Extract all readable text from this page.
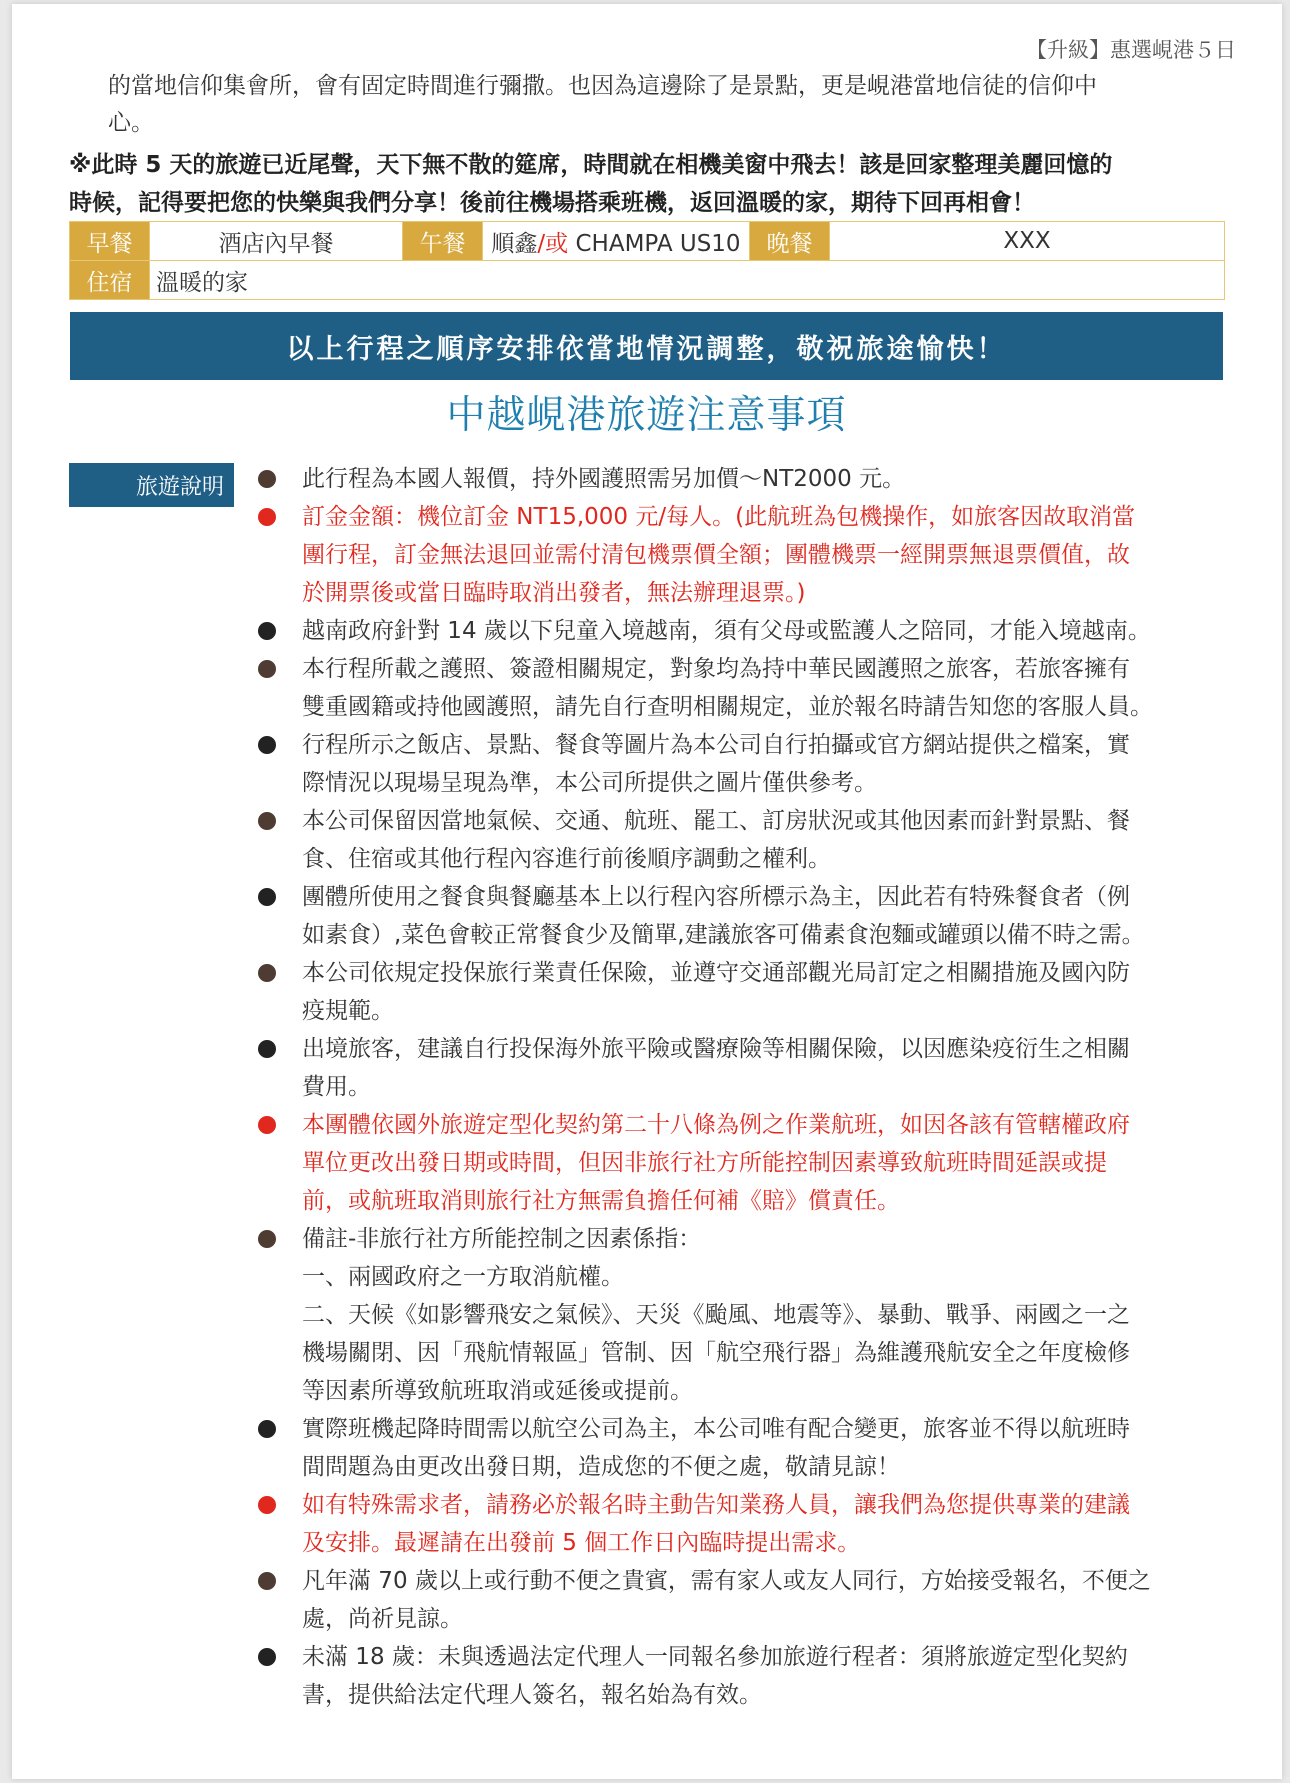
【升級】惠選峴港５日
的當地信仰集會所，會有固定時間進行彌撒。也因為這邊除了是景點，更是峴港當地信徒的信仰中
心。
※此時 5 天的旅遊已近尾聲，天下無不散的筵席，時間就在相機美窗中飛去！該是回家整理美麗回憶的
時候，記得要把您的快樂與我們分享！後前往機場搭乘班機，返回溫暖的家，期待下回再相會！
早餐	酒店內早餐	午餐	順鑫/或 CHAMPA US10	晚餐	XXX
住宿	溫暖的家				
以上行程之順序安排依當地情況調整，敬祝旅途愉快！
中越峴港旅遊注意事項
旅遊說明	此行程為本國人報價，持外國護照需另加價～NT2000 元。
訂金金額：機位訂金 NT15,000 元/每人。(此航班為包機操作，如旅客因故取消當
團行程，訂金無法退回並需付清包機票價全額；團體機票一經開票無退票價值，故
於開票後或當日臨時取消出發者，無法辦理退票。)
越南政府針對 14 歲以下兒童入境越南，須有父母或監護人之陪同，才能入境越南。
本行程所載之護照、簽證相關規定，對象均為持中華民國護照之旅客，若旅客擁有
雙重國籍或持他國護照，請先自行查明相關規定，並於報名時請告知您的客服人員。
行程所示之飯店、景點、餐食等圖片為本公司自行拍攝或官方網站提供之檔案，實
際情況以現場呈現為準，本公司所提供之圖片僅供參考。
本公司保留因當地氣候、交通、航班、罷工、訂房狀況或其他因素而針對景點、餐
食、住宿或其他行程內容進行前後順序調動之權利。
團體所使用之餐食與餐廳基本上以行程內容所標示為主，因此若有特殊餐食者（例
如素食）,菜色會較正常餐食少及簡單,建議旅客可備素食泡麵或罐頭以備不時之需。
本公司依規定投保旅行業責任保險，並遵守交通部觀光局訂定之相關措施及國內防
疫規範。
出境旅客，建議自行投保海外旅平險或醫療險等相關保險，以因應染疫衍生之相關
費用。
本團體依國外旅遊定型化契約第二十八條為例之作業航班，如因各該有管轄權政府
單位更改出發日期或時間，但因非旅行社方所能控制因素導致航班時間延誤或提
前，或航班取消則旅行社方無需負擔任何補《賠》償責任。
備註-非旅行社方所能控制之因素係指：
一、兩國政府之一方取消航權。
二、天候《如影響飛安之氣候》、天災《颱風、地震等》、暴動、戰爭、兩國之一之
機場關閉、因「飛航情報區」管制、因「航空飛行器」為維護飛航安全之年度檢修
等因素所導致航班取消或延後或提前。
實際班機起降時間需以航空公司為主，本公司唯有配合變更，旅客並不得以航班時
間問題為由更改出發日期，造成您的不便之處，敬請見諒！
如有特殊需求者，請務必於報名時主動告知業務人員，讓我們為您提供專業的建議
及安排。最遲請在出發前 5 個工作日內臨時提出需求。
凡年滿 70 歲以上或行動不便之貴賓，需有家人或友人同行，方始接受報名，不便之
處，尚祈見諒。
未滿 18 歲：未與透過法定代理人一同報名參加旅遊行程者：須將旅遊定型化契約
書，提供給法定代理人簽名，報名始為有效。
